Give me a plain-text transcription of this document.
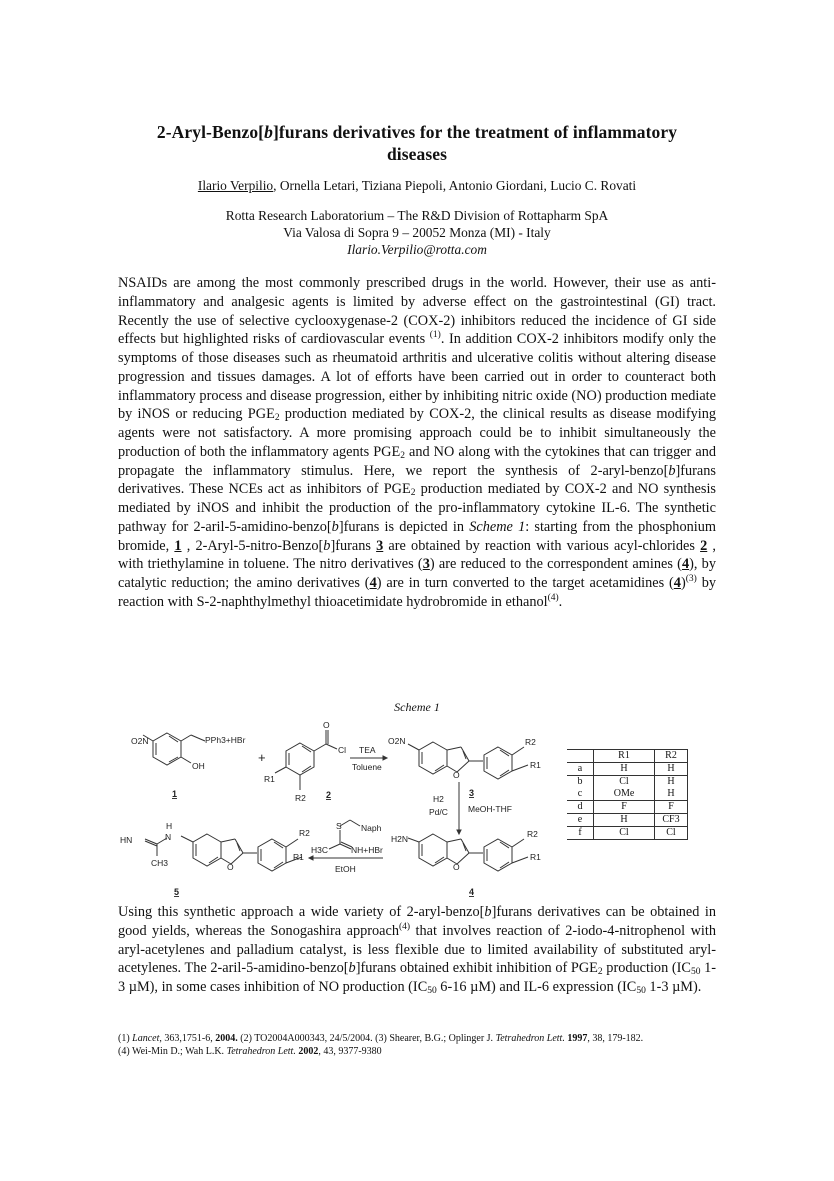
2-Aryl-Benzo[b]furans derivatives for the treatment of inflammatory
diseases
Ilario Verpilio, Ornella Letari, Tiziana Piepoli, Antonio Giordani, Lucio C. Rovati
Rotta Research Laboratorium – The R&D Division of Rottapharm SpA
Via Valosa di Sopra 9 – 20052 Monza (MI) - Italy
Ilario.Verpilio@rotta.com
NSAIDs are among the most commonly prescribed drugs in the world. However, their use as anti-inflammatory and analgesic agents is limited by adverse effect on the gastrointestinal (GI) tract. Recently the use of selective cyclooxygenase-2 (COX-2) inhibitors reduced the incidence of GI side effects but highlighted risks of cardiovascular events $^{(1)}$. In addition COX-2 inhibitors modify only the symptoms of those diseases such as rheumatoid arthritis and ulcerative colitis without altering disease progression and tissues damages. A lot of efforts have been carried out in order to counteract both inflammatory process and disease progression, either by inhibiting nitric oxide (NO) production mediate by iNOS or reducing $PGE_2$ production mediated by COX-2, the clinical results as disease modifying agents were not satisfactory. A more promising approach could be to inhibit simultaneously the production of both the inflammatory agents $PGE_2$ and NO along with the cytokines that can trigger and propagate the inflammatory stimulus. Here, we report the synthesis of 2-aryl-benzo[b]furans derivatives. These NCEs act as inhibitors of $PGE_2$ production mediated by COX-2 and NO synthesis mediated by iNOS and inhibit the production of the pro-inflammatory cytokine IL-6. The synthetic pathway for 2-aril-5-amidino-benzo[b]furans is depicted in Scheme 1: starting from the phosphonium bromide, 1 , 2-Aryl-5-nitro-Benzo[b]furans 3 are obtained by reaction with various acyl-chlorides 2 , with triethylamine in toluene. The nitro derivatives (3) are reduced to the correspondent amines (4), by catalytic reduction; the amino derivatives (4) are in turn converted to the target acetamidines $(4)^{(3)}$ by reaction with S-2-naphthylmethyl thioacetimidate hydrobromide in ethanol$^{(4)}$.
Scheme 1
O2N	PPh3+HBr
OH
1
+
O
Cl
R1
R2 2
TEA
Toluene
O2N
O
R2
R1
3
H2
Pd/C MeOH-THF
H2N
O
R2
R1
4
S Naph
H3C	NH+HBr
EtOH
HN
H
N
CH3	O
R2
R1
5
	R1	R2
a	H	H
b	Cl	H
c	OMe	H
d	F	F
e	H	CF3
f	Cl	Cl
Using this synthetic approach a wide variety of 2-aryl-benzo[b]furans derivatives can be obtained in good yields, whereas the Sonogashira approach$^{(4)}$ that involves reaction of 2-iodo-4-nitrophenol with aryl-acetylenes and palladium catalyst, is less flexible due to limited availability of substituted aryl-acetylenes. The 2-aril-5-amidino-benzo[b]furans obtained exhibit inhibition of $PGE_2$ production ($IC_{50}$ 1-3 µM), in some cases inhibition of NO production ($IC_{50}$ 6-16 µM) and IL-6 expression ($IC_{50}$ 1-3 µM).
(1) Lancet, 363,1751-6, 2004. (2) TO2004A000343, 24/5/2004. (3) Shearer, B.G.; Oplinger J. Tetrahedron Lett. 1997, 38, 179-182.
(4) Wei-Min D.; Wah L.K. Tetrahedron Lett. 2002, 43, 9377-9380
